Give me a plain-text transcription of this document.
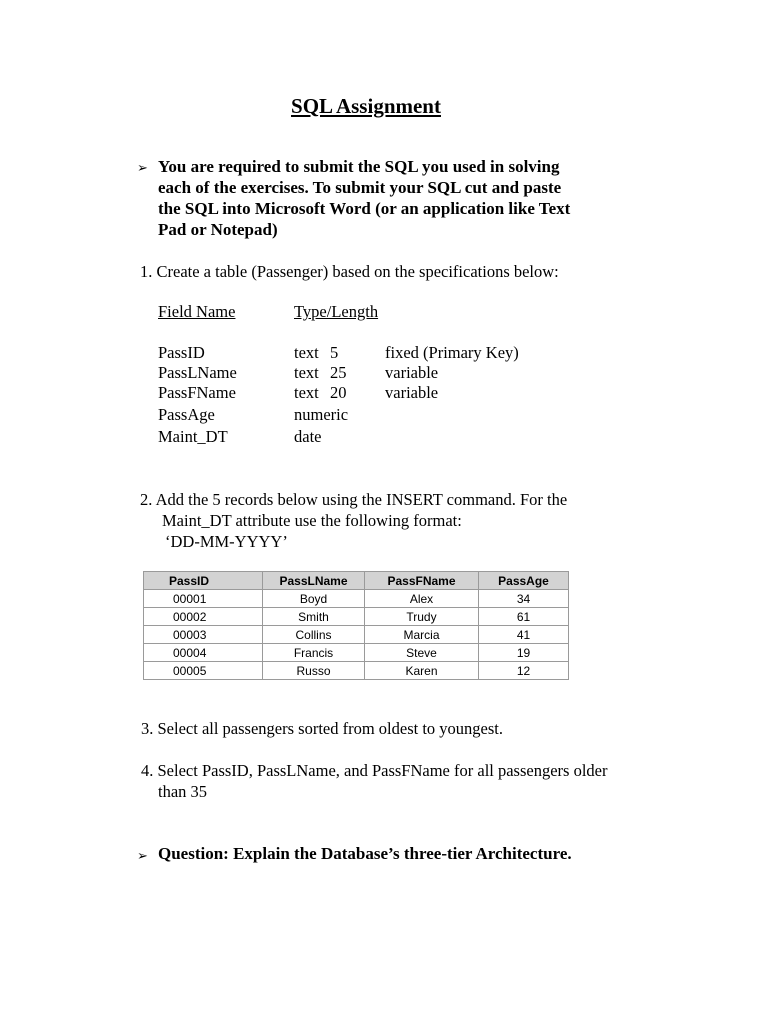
SQL Assignment
➢ You are required to submit the SQL you used in solving
each of the exercises. To submit your SQL cut and paste
the SQL into Microsoft Word (or an application like Text
Pad or Notepad)
1. Create a table (Passenger) based on the specifications below:
Field Name	Type/Length
PassID	text 5	fixed (Primary Key)
PassLName	text 25 variable
PassFName	text 20 variable
PassAge	numeric
Maint_DT	date
2. Add the 5 records below using the INSERT command. For the
Maint_DT attribute use the following format:
‘DD-MM-YYYY’
PassID	PassLName	PassFName	PassAge
00001	Boyd	Alex	34
00002	Smith	Trudy	61
00003	Collins	Marcia	41
00004	Francis	Steve	19
00005	Russo	Karen	12
3. Select all passengers sorted from oldest to youngest.
4. Select PassID, PassLName, and PassFName for all passengers older
than 35
➢ Question: Explain the Database’s three-tier Architecture.
